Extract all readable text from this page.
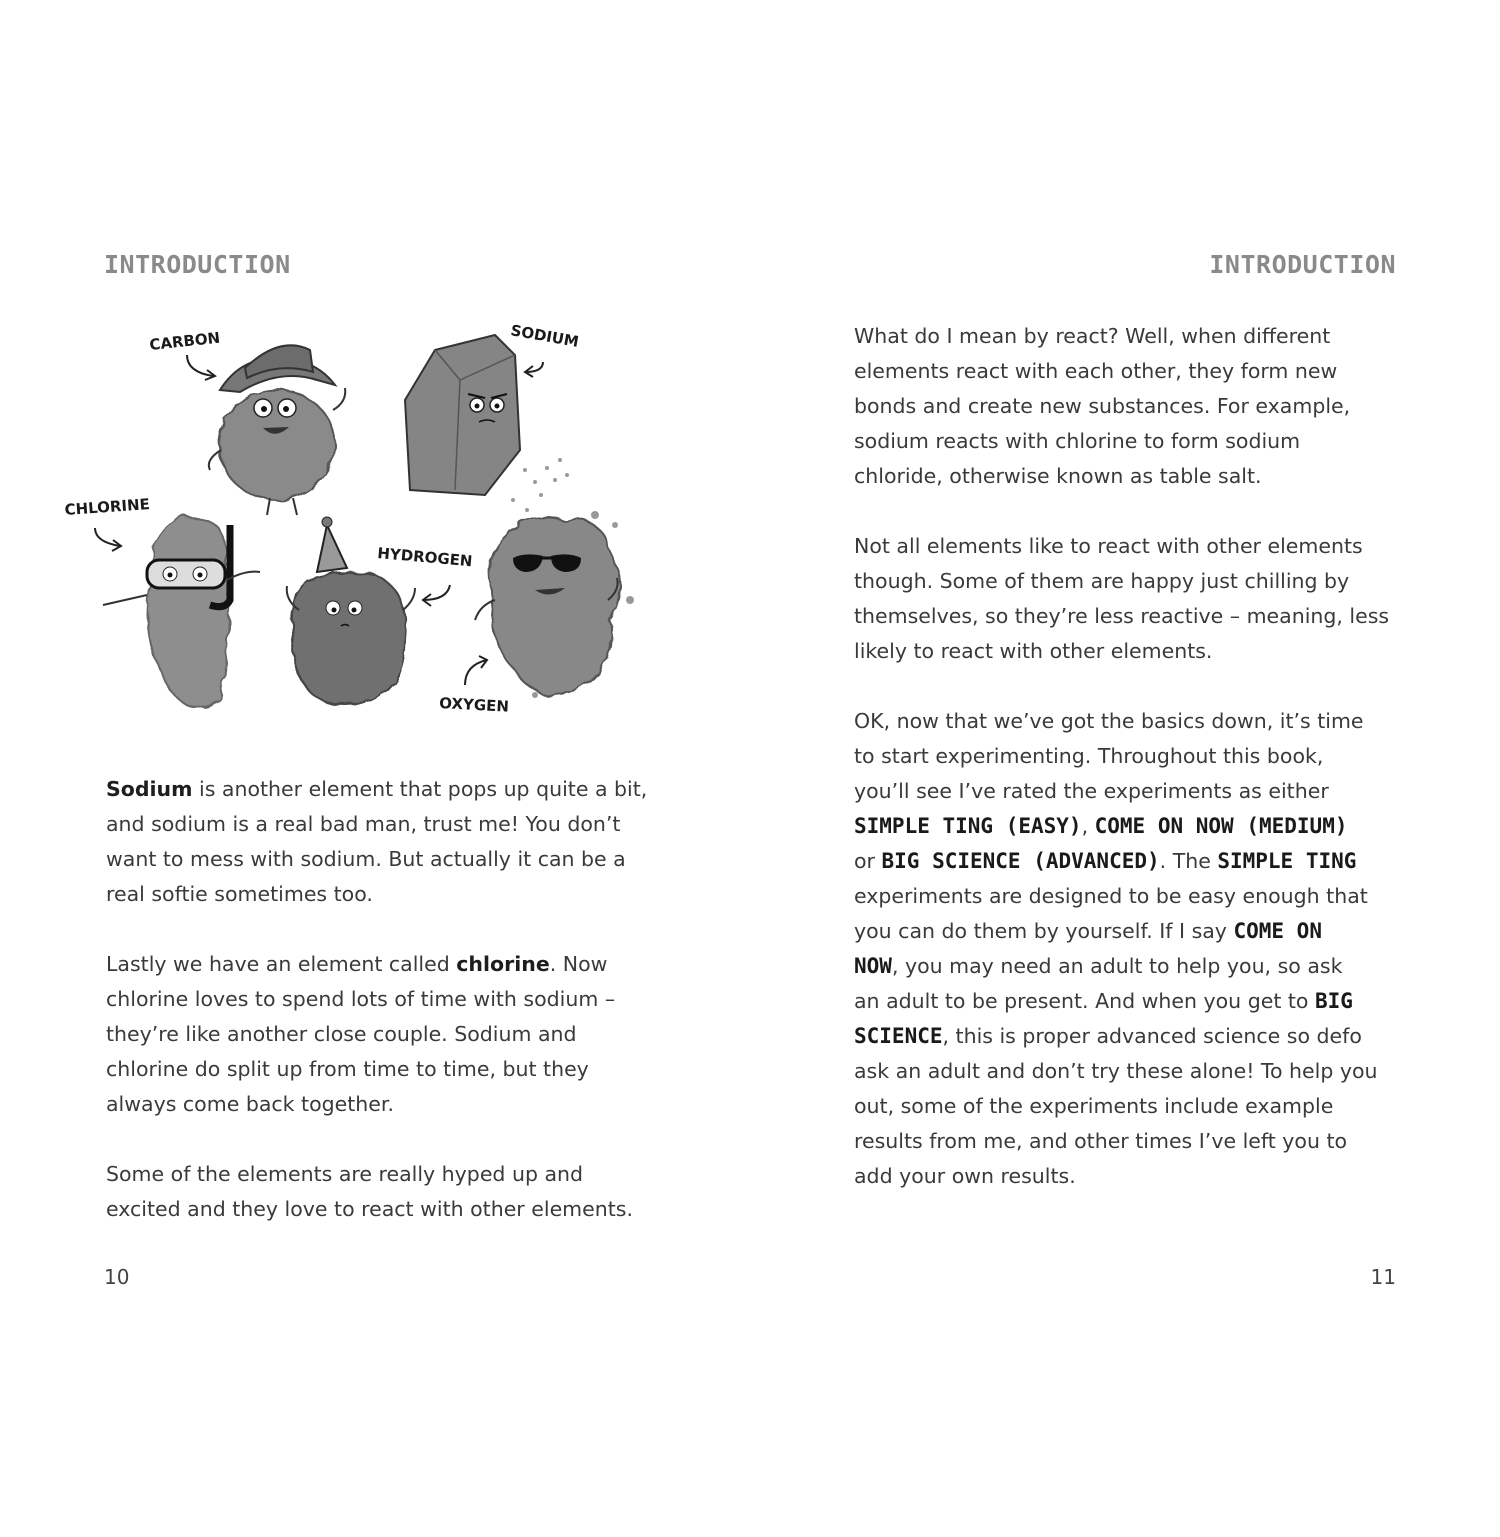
INTRODUCTION
CARBON	SODIUM
CHLORINE
HYDROGEN
OXYGEN

Sodium is another element that pops up quite a bit,
and sodium is a real bad man, trust me! You don’t
want to mess with sodium. But actually it can be a
real softie sometimes too.

Lastly we have an element called chlorine. Now
chlorine loves to spend lots of time with sodium –
they’re like another close couple. Sodium and
chlorine do split up from time to time, but they
always come back together.

Some of the elements are really hyped up and
excited and they love to react with other elements.

10
INTRODUCTION

What do I mean by react? Well, when different
elements react with each other, they form new
bonds and create new substances. For example,
sodium reacts with chlorine to form sodium
chloride, otherwise known as table salt.

Not all elements like to react with other elements
though. Some of them are happy just chilling by
themselves, so they’re less reactive – meaning, less
likely to react with other elements.

OK, now that we’ve got the basics down, it’s time
to start experimenting. Throughout this book,
you’ll see I’ve rated the experiments as either
SIMPLE TING (EASY), COME ON NOW (MEDIUM)
or BIG SCIENCE (ADVANCED). The SIMPLE TING
experiments are designed to be easy enough that
you can do them by yourself. If I say COME ON
NOW, you may need an adult to help you, so ask
an adult to be present. And when you get to BIG
SCIENCE, this is proper advanced science so defo
ask an adult and don’t try these alone! To help you
out, some of the experiments include example
results from me, and other times I’ve left you to
add your own results.

11
